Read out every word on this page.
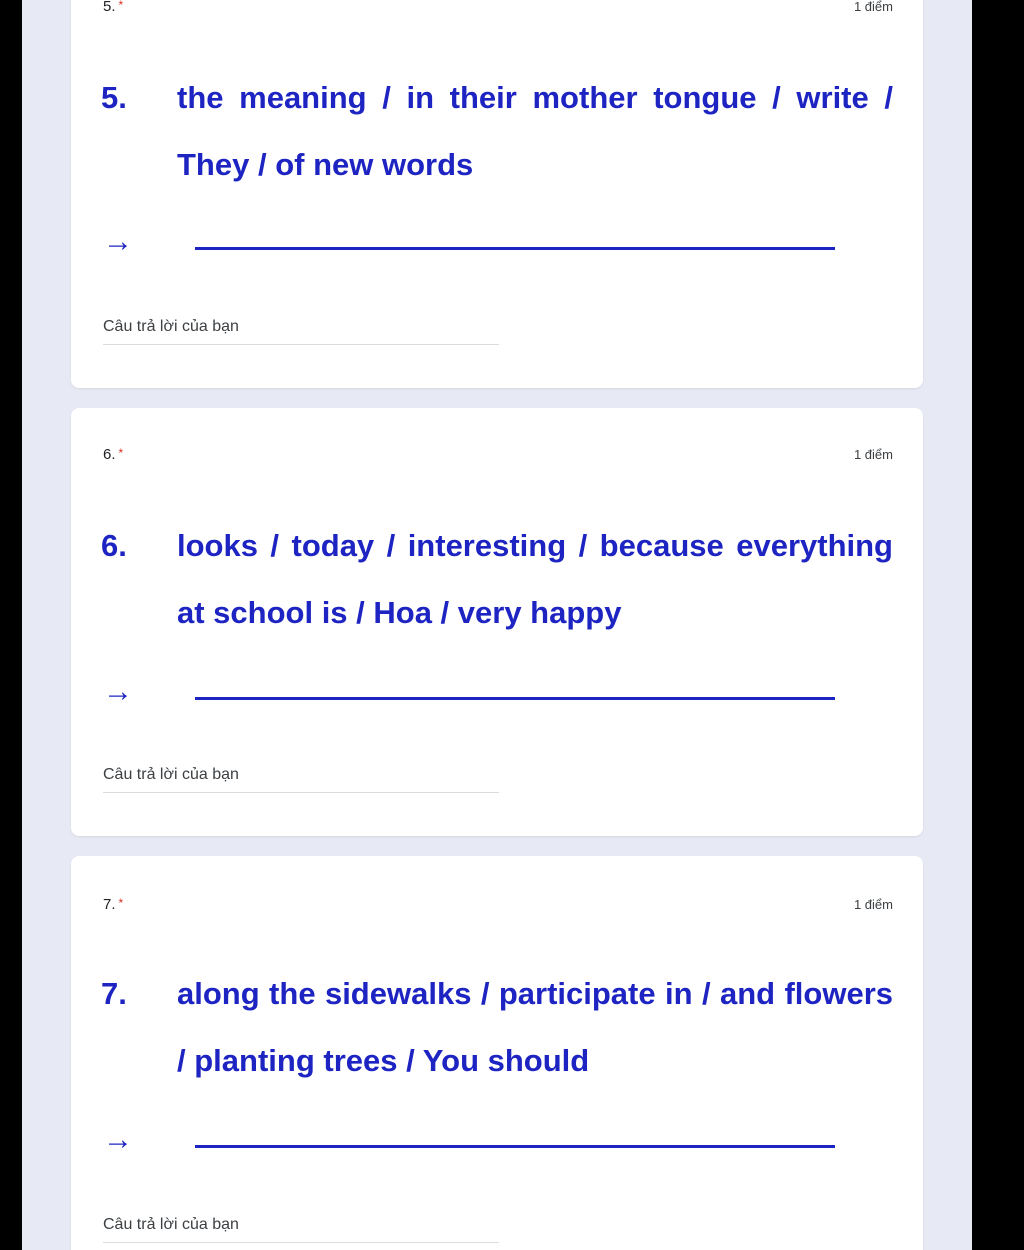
5. *	1 điểm
5.	the meaning / in their mother tongue / write / They / of new words
→
Câu trả lời của bạn
6. *	1 điểm
6.	looks / today / interesting / because everything at school is / Hoa / very happy
→
Câu trả lời của bạn
7. *	1 điểm
7.	along the sidewalks / participate in / and flowers / planting trees / You should
→
Câu trả lời của bạn
